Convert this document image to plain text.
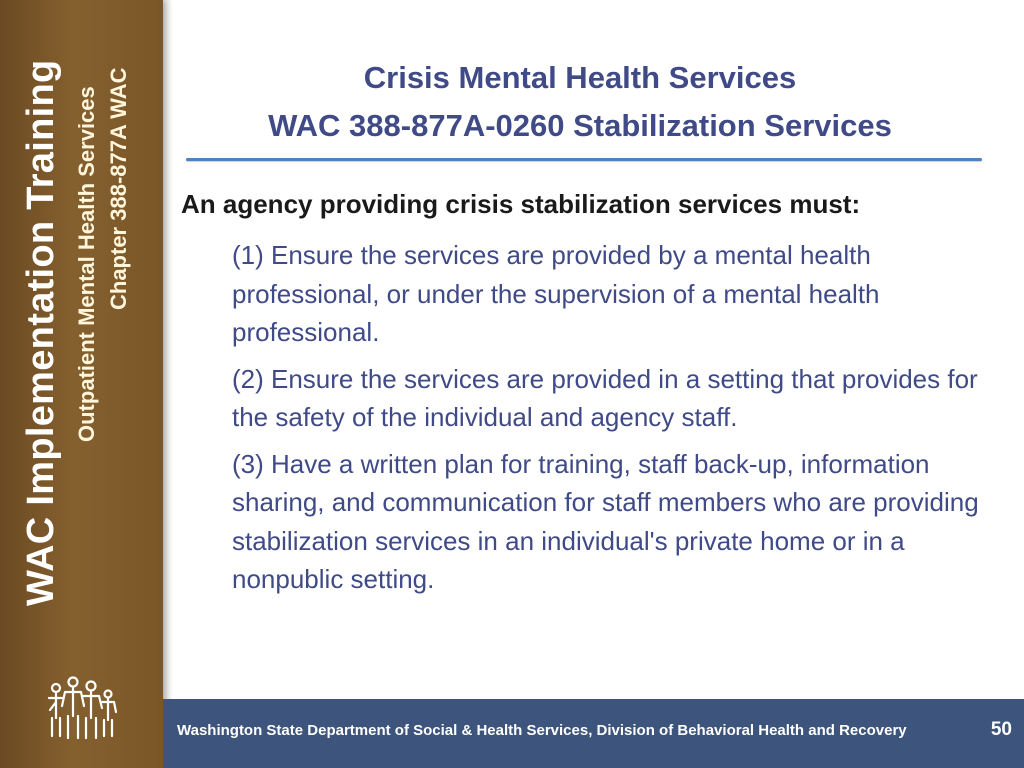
WAC Implementation Training Outpatient Mental Health Services Chapter 388-877A WAC	Crisis Mental Health Services
WAC 388-877A-0260 Stabilization Services
An agency providing crisis stabilization services must:
(1) Ensure the services are provided by a mental health professional, or under the supervision of a mental health professional.
(2) Ensure the services are provided in a setting that provides for the safety of the individual and agency staff.
(3) Have a written plan for training, staff back-up, information sharing, and communication for staff members who are providing stabilization services in an individual's private home or in a nonpublic setting.
Washington State Department of Social & Health Services, Division of Behavioral Health and Recovery	50
